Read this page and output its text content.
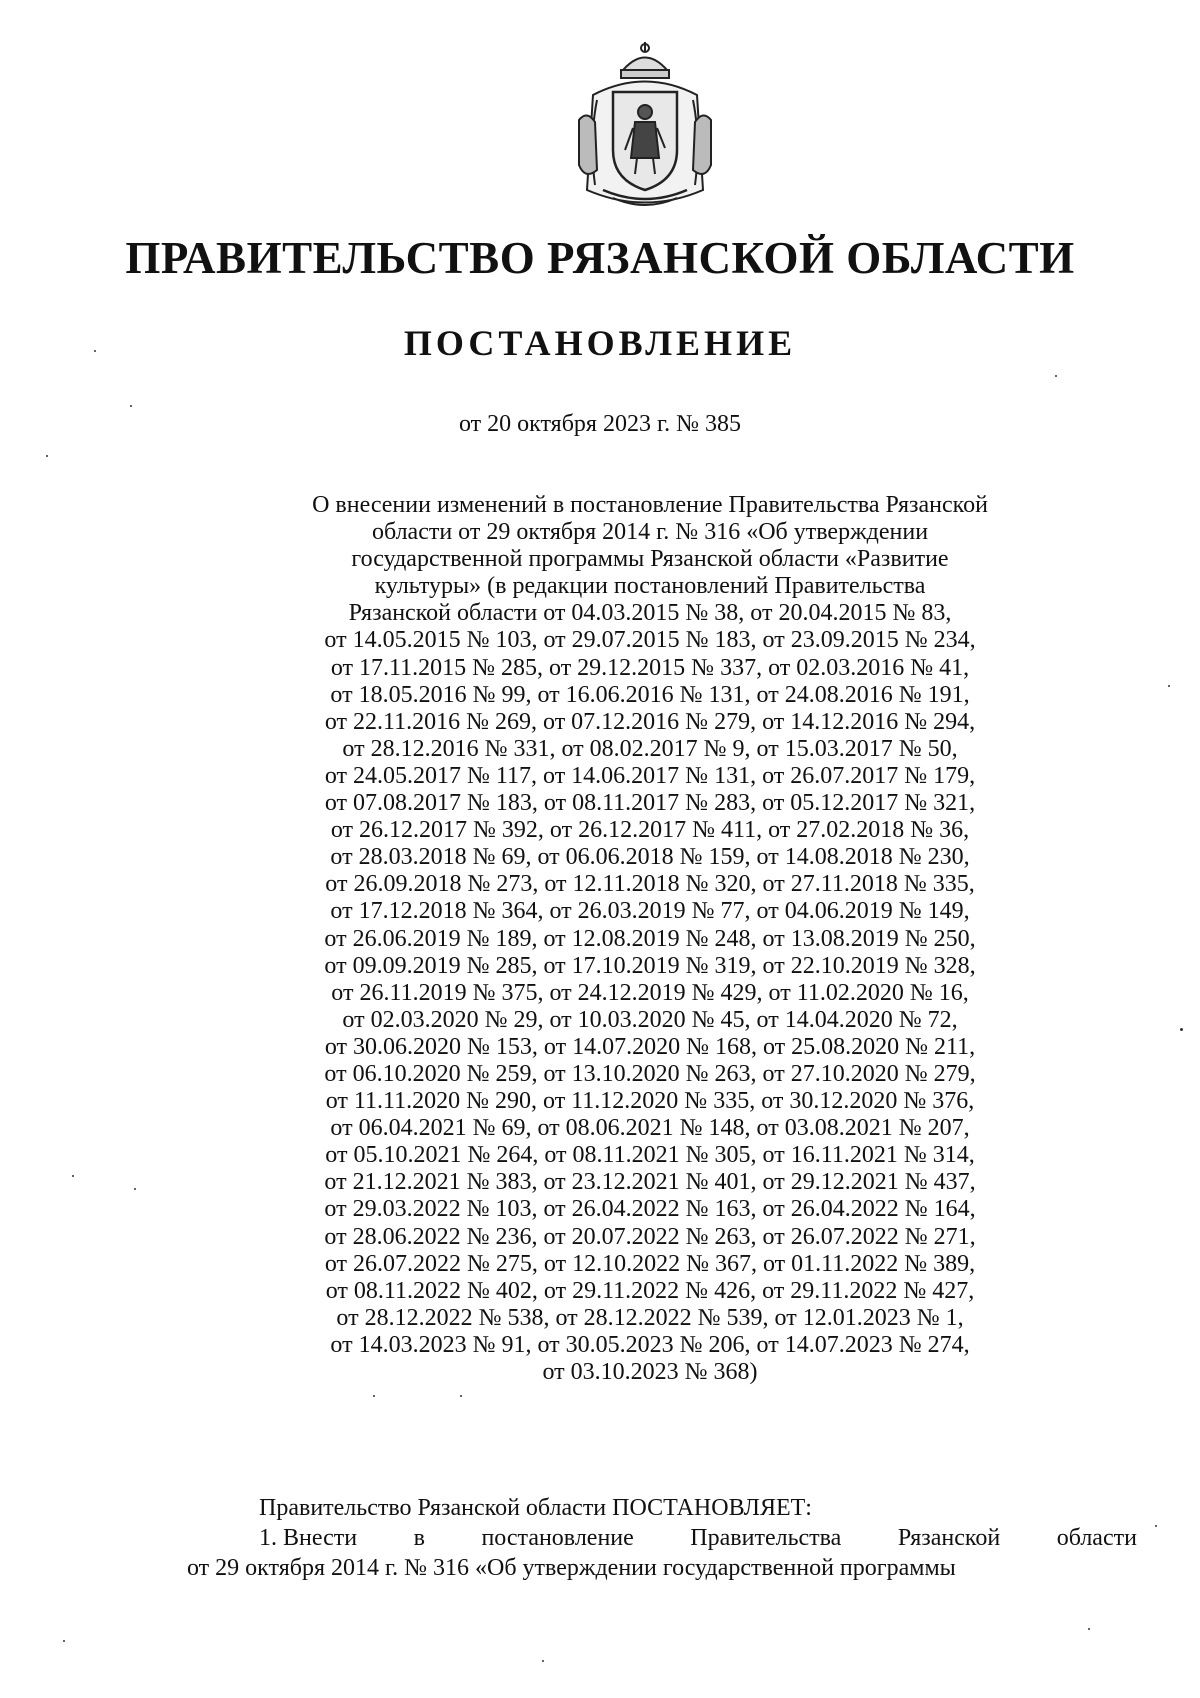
ПРАВИТЕЛЬСТВО РЯЗАНСКОЙ ОБЛАСТИ
ПОСТАНОВЛЕНИЕ
от 20 октября 2023 г. № 385
О внесении изменений в постановление Правительства Рязанской
области от 29 октября 2014 г. № 316 «Об утверждении
государственной программы Рязанской области «Развитие
культуры» (в редакции постановлений Правительства
Рязанской области от 04.03.2015 № 38, от 20.04.2015 № 83,
от 14.05.2015 № 103, от 29.07.2015 № 183, от 23.09.2015 № 234,
от 17.11.2015 № 285, от 29.12.2015 № 337, от 02.03.2016 № 41,
от 18.05.2016 № 99, от 16.06.2016 № 131, от 24.08.2016 № 191,
от 22.11.2016 № 269, от 07.12.2016 № 279, от 14.12.2016 № 294,
от 28.12.2016 № 331, от 08.02.2017 № 9, от 15.03.2017 № 50,
от 24.05.2017 № 117, от 14.06.2017 № 131, от 26.07.2017 № 179,
от 07.08.2017 № 183, от 08.11.2017 № 283, от 05.12.2017 № 321,
от 26.12.2017 № 392, от 26.12.2017 № 411, от 27.02.2018 № 36,
от 28.03.2018 № 69, от 06.06.2018 № 159, от 14.08.2018 № 230,
от 26.09.2018 № 273, от 12.11.2018 № 320, от 27.11.2018 № 335,
от 17.12.2018 № 364, от 26.03.2019 № 77, от 04.06.2019 № 149,
от 26.06.2019 № 189, от 12.08.2019 № 248, от 13.08.2019 № 250,
от 09.09.2019 № 285, от 17.10.2019 № 319, от 22.10.2019 № 328,
от 26.11.2019 № 375, от 24.12.2019 № 429, от 11.02.2020 № 16,
от 02.03.2020 № 29, от 10.03.2020 № 45, от 14.04.2020 № 72,
от 30.06.2020 № 153, от 14.07.2020 № 168, от 25.08.2020 № 211,
от 06.10.2020 № 259, от 13.10.2020 № 263, от 27.10.2020 № 279,
от 11.11.2020 № 290, от 11.12.2020 № 335, от 30.12.2020 № 376,
от 06.04.2021 № 69, от 08.06.2021 № 148, от 03.08.2021 № 207,
от 05.10.2021 № 264, от 08.11.2021 № 305, от 16.11.2021 № 314,
от 21.12.2021 № 383, от 23.12.2021 № 401, от 29.12.2021 № 437,
от 29.03.2022 № 103, от 26.04.2022 № 163, от 26.04.2022 № 164,
от 28.06.2022 № 236, от 20.07.2022 № 263, от 26.07.2022 № 271,
от 26.07.2022 № 275, от 12.10.2022 № 367, от 01.11.2022 № 389,
от 08.11.2022 № 402, от 29.11.2022 № 426, от 29.11.2022 № 427,
от 28.12.2022 № 538, от 28.12.2022 № 539, от 12.01.2023 № 1,
от 14.03.2023 № 91, от 30.05.2023 № 206, от 14.07.2023 № 274,
от 03.10.2023 № 368)
Правительство Рязанской области ПОСТАНОВЛЯЕТ:
1. Внести в постановление Правительства Рязанской области
от 29 октября 2014 г. № 316 «Об утверждении государственной программы
